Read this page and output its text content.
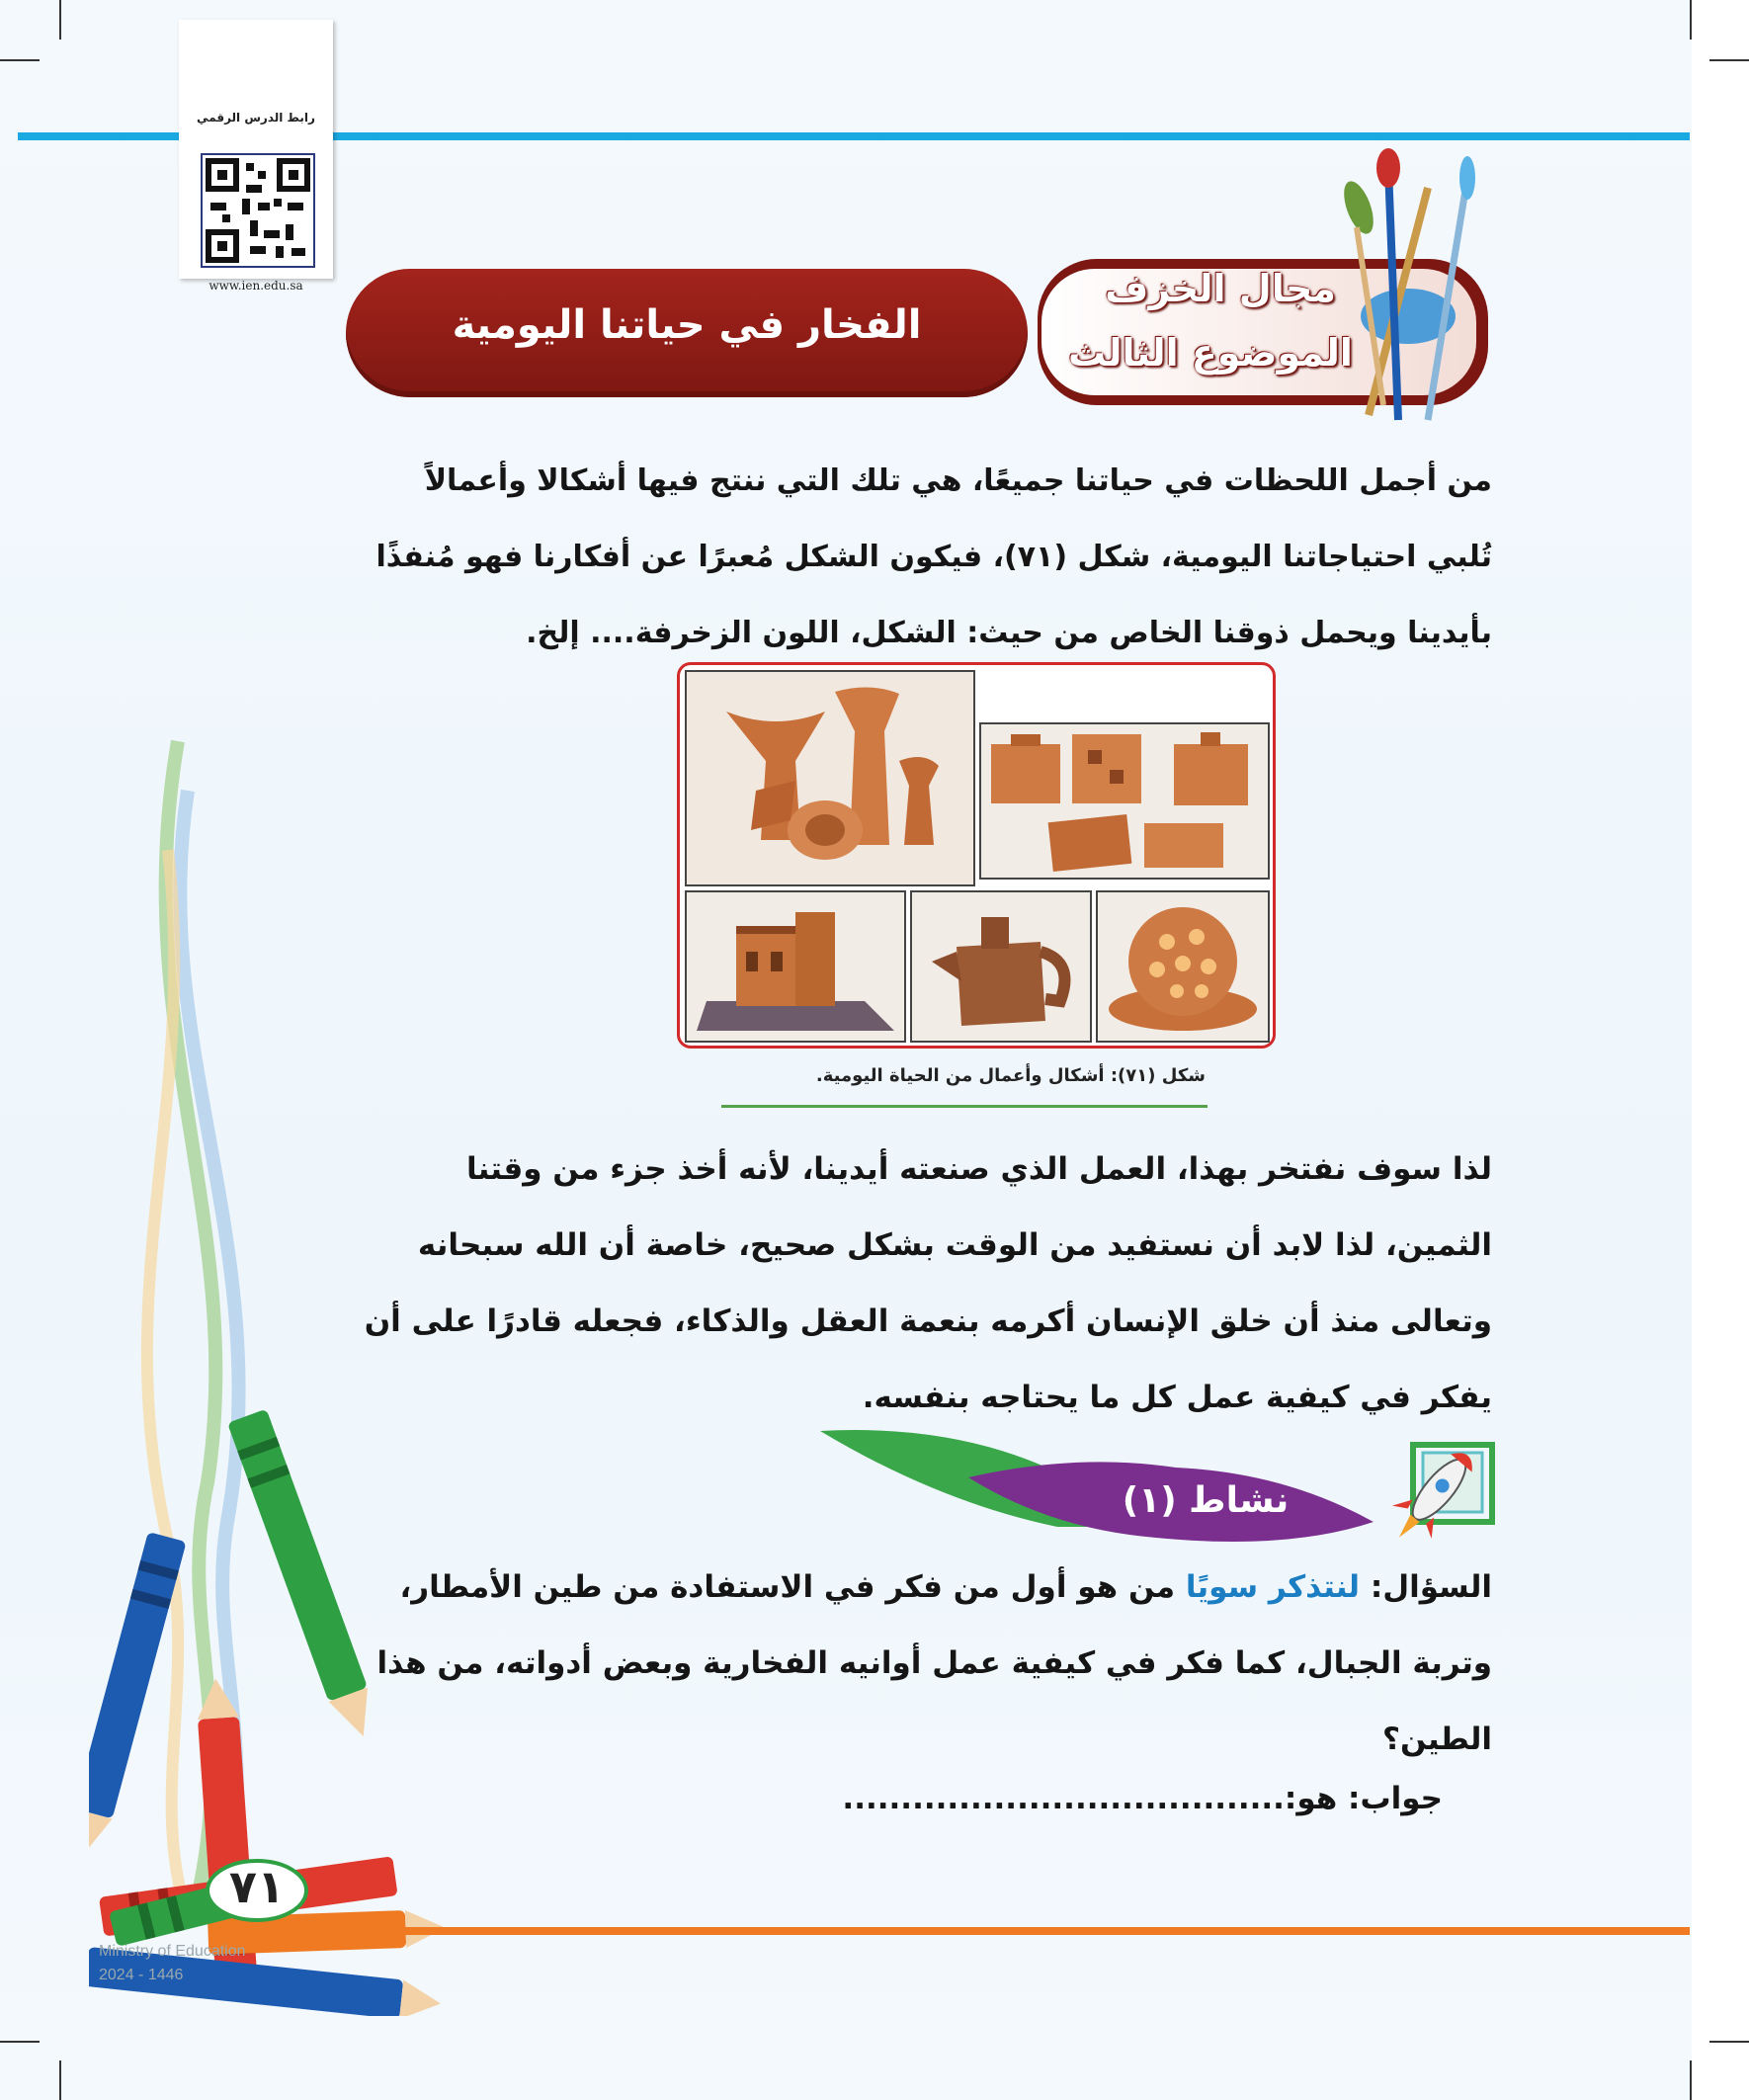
رابط الدرس الرقمي
www.ien.edu.sa
الفخار في حياتنا اليومية
مجال الخزف
الموضوع الثالث
من أجمل اللحظات في حياتنا جميعًا، هي تلك التي ننتج فيها أشكالا وأعمالاً
تُلبي احتياجاتنا اليومية، شكل (٧١)، فيكون الشكل مُعبرًا عن أفكارنا فهو مُنفذًا
بأيدينا ويحمل ذوقنا الخاص من حيث: الشكل، اللون الزخرفة.... إلخ.
شكل (٧١): أشكال وأعمال من الحياة اليومية.
لذا سوف نفتخر بهذا، العمل الذي صنعته أيدينا، لأنه أخذ جزء من وقتنا
الثمين، لذا لابد أن نستفيد من الوقت بشكل صحيح، خاصة أن الله سبحانه
وتعالى منذ أن خلق الإنسان أكرمه بنعمة العقل والذكاء، فجعله قادرًا على أن
يفكر في كيفية عمل كل ما يحتاجه بنفسه.
نشاط (١)
السؤال: لنتذكر سويًا من هو أول من فكر في الاستفادة من طين الأمطار،
وتربة الجبال، كما فكر في كيفية عمل أوانيه الفخارية وبعض أدواته، من هذا
الطين؟
جواب: هو:......................................
٧١
Ministry of Education
2024 - 1446
